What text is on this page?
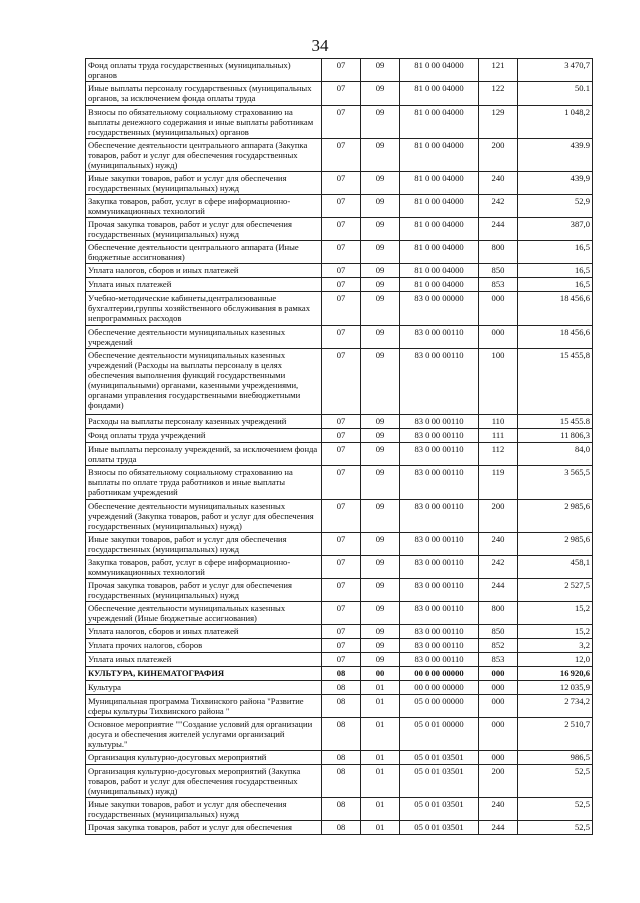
34
Фонд оплаты труда государственных (муниципальных) органов	07	09	81 0 00 04000	121	3 470,7
Иные выплаты персоналу государственных (муниципальных органов, за исключением фонда оплаты труда	07	09	81 0 00 04000	122	50.1
Взносы по обязательному социальному страхованию на выплаты денежного содержания и иные выплаты работникам государственных (муниципальных) органов	07	09	81 0 00 04000	129	1 048,2
Обеспечение деятельности центрального аппарата (Закупка товаров, работ и услуг для обеспечения государственных (муниципальных) нужд)	07	09	81 0 00 04000	200	439.9
Иные закупки товаров, работ и услуг для обеспечения государственных (муниципальных) нужд	07	09	81 0 00 04000	240	439,9
Закупка товаров, работ, услуг в сфере информационно-коммуникационных технологий	07	09	81 0 00 04000	242	52,9
Прочая закупка товаров, работ и услуг для обеспечения государственных (муниципальных) нужд	07	09	81 0 00 04000	244	387,0
Обеспечение деятельности центрального аппарата (Иные бюджетные ассигнования)	07	09	81 0 00 04000	800	16,5
Уплата налогов, сборов и иных платежей	07	09	81 0 00 04000	850	16,5
Уплата иных платежей	07	09	81 0 00 04000	853	16,5
Учебно-методические кабинеты,централизованные бухгалтерии,группы хозяйственного обслуживания в рамках непрограммных расходов	07	09	83 0 00 00000	000	18 456,6
Обеспечение деятельности муниципальных казенных учреждений	07	09	83 0 00 00110	000	18 456,6
Обеспечение деятельности муниципальных казенных учреждений (Расходы на выплаты персоналу в целях обеспечения выполнения функций государственными (муниципальными) органами, казенными учреждениями, органами управления государственными внебюджетными фондами)	07	09	83 0 00 00110	100	15 455,8
Расходы на выплаты персоналу казенных учреждений	07	09	83 0 00 00110	110	15 455.8
Фонд оплаты труда учреждений	07	09	83 0 00 00110	111	11 806,3
Иные выплаты персоналу учреждений, за исключением фонда оплаты труда	07	09	83 0 00 00110	112	84,0
Взносы по обязательному социальному страхованию на выплаты по оплате труда работников и иные выплаты работникам учреждений	07	09	83 0 00 00110	119	3 565,5
Обеспечение деятельности муниципальных казенных учреждений (Закупка товаров, работ и услуг для обеспечения государственных (муниципальных) нужд)	07	09	83 0 00 00110	200	2 985,6
Иные закупки товаров, работ и услуг для обеспечения государственных (муниципальных) нужд	07	09	83 0 00 00110	240	2 985,6
Закупка товаров, работ, услуг в сфере информационно-коммуникационных технологий	07	09	83 0 00 00110	242	458,1
Прочая закупка товаров, работ и услуг для обеспечения государственных (муниципальных) нужд	07	09	83 0 00 00110	244	2 527,5
Обеспечение деятельности муниципальных казенных учреждений (Иные бюджетные ассигнования)	07	09	83 0 00 00110	800	15,2
Уплата налогов, сборов и иных платежей	07	09	83 0 00 00110	850	15,2
Уплата прочих налогов, сборов	07	09	83 0 00 00110	852	3,2
Уплата иных платежей	07	09	83 0 00 00110	853	12,0
КУЛЬТУРА, КИНЕМАТОГРАФИЯ	08	00	00 0 00 00000	000	16 920,6
Культура	08	01	00 0 00 00000	000	12 035,9
Муниципальная программа Тихвинского района "Развитие сферы культуры Тихвинского района "	08	01	05 0 00 00000	000	2 734,2
Основное мероприятие ""Создание условий для организации досуга и обеспечения жителей услугами организаций культуры."	08	01	05 0 01 00000	000	2 510,7
Организация культурно-досуговых мероприятий	08	01	05 0 01 03501	000	986,5
Организация культурно-досуговых мероприятий (Закупка товаров, работ и услуг для обеспечения государственных (муниципальных) нужд)	08	01	05 0 01 03501	200	52,5
Иные закупки товаров, работ и услуг для обеспечения государственных (муниципальных) нужд	08	01	05 0 01 03501	240	52,5
Прочая закупка товаров, работ и услуг для обеспечения	08	01	05 0 01 03501	244	52,5
